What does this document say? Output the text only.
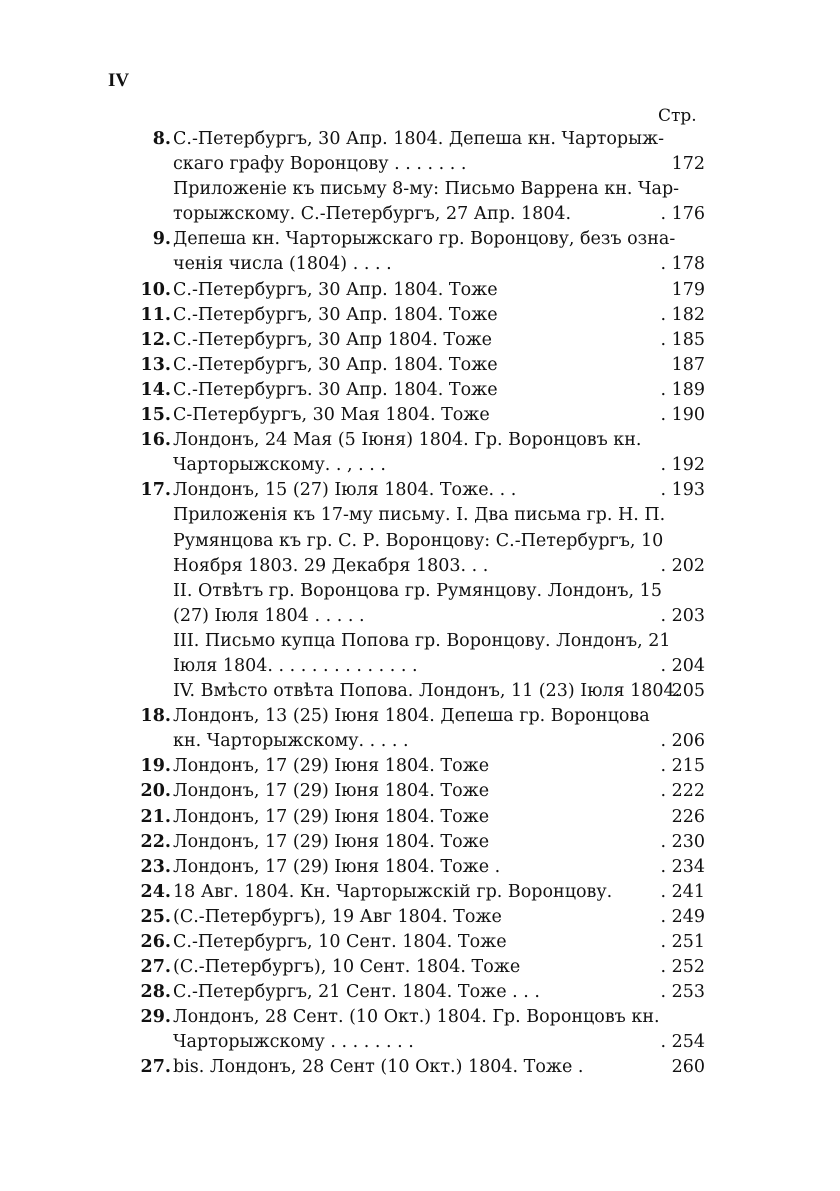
IV
Стр.
8. С.-Петербургъ, 30 Апр. 1804. Депеша кн. Чарторыж-
скаго графу Воронцову . . . . . . .	172
Приложеніе къ письму 8-му: Письмо Варрена кн. Чар-
торыжскому. С.-Петербургъ, 27 Апр. 1804.	. 176
9. Депеша кн. Чарторыжскаго гр. Воронцову, безъ озна-
ченія числа (1804) . . . .	. 178
10. С.-Петербургъ, 30 Апр. 1804. Тоже	179
11. С.-Петербургъ, 30 Апр. 1804. Тоже	. 182
12. С.-Петербургъ, 30 Апр 1804. Тоже	. 185
13. С.-Петербургъ, 30 Апр. 1804. Тоже	187
14. С.-Петербургъ. 30 Апр. 1804. Тоже	. 189
15. С-Петербургъ, 30 Мая 1804. Тоже	. 190
16. Лондонъ, 24 Мая (5 Іюня) 1804. Гр. Воронцовъ кн.
Чарторыжскому. . , . . .	. 192
17. Лондонъ, 15 (27) Іюля 1804. Тоже. . .	. 193
Приложенія къ 17-му письму. I. Два письма гр. Н. П.
Румянцова къ гр. С. Р. Воронцову: С.-Петербургъ, 10
Ноября 1803. 29 Декабря 1803. . .	. 202
II. Отвѣтъ гр. Воронцова гр. Румянцову. Лондонъ, 15
(27) Іюля 1804 . . . . .	. 203
III. Письмо купца Попова гр. Воронцову. Лондонъ, 21
Іюля 1804. . . . . . . . . . . . . .	. 204
IV. Вмѣсто отвѣта Попова. Лондонъ, 11 (23) Іюля 1804.
205
18. Лондонъ, 13 (25) Іюня 1804. Депеша гр. Воронцова
кн. Чарторыжскому. . . . .	. 206
19. Лондонъ, 17 (29) Іюня 1804. Тоже	. 215
20. Лондонъ, 17 (29) Іюня 1804. Тоже	. 222
21. Лондонъ, 17 (29) Іюня 1804. Тоже	226
22. Лондонъ, 17 (29) Іюня 1804. Тоже	. 230
23. Лондонъ, 17 (29) Іюня 1804. Тоже .	. 234
24. 18 Авг. 1804. Кн. Чарторыжскій гр. Воронцову.	. 241
25. (С.-Петербургъ), 19 Авг 1804. Тоже	. 249
26. С.-Петербургъ, 10 Сент. 1804. Тоже	. 251
27. (С.-Петербургъ), 10 Сент. 1804. Тоже	. 252
28. С.-Петербургъ, 21 Сент. 1804. Тоже . . .	. 253
29. Лондонъ, 28 Сент. (10 Окт.) 1804. Гр. Воронцовъ кн.
Чарторыжскому . . . . . . . .	. 254
27. bis. Лондонъ, 28 Сент (10 Окт.) 1804. Тоже .	260
